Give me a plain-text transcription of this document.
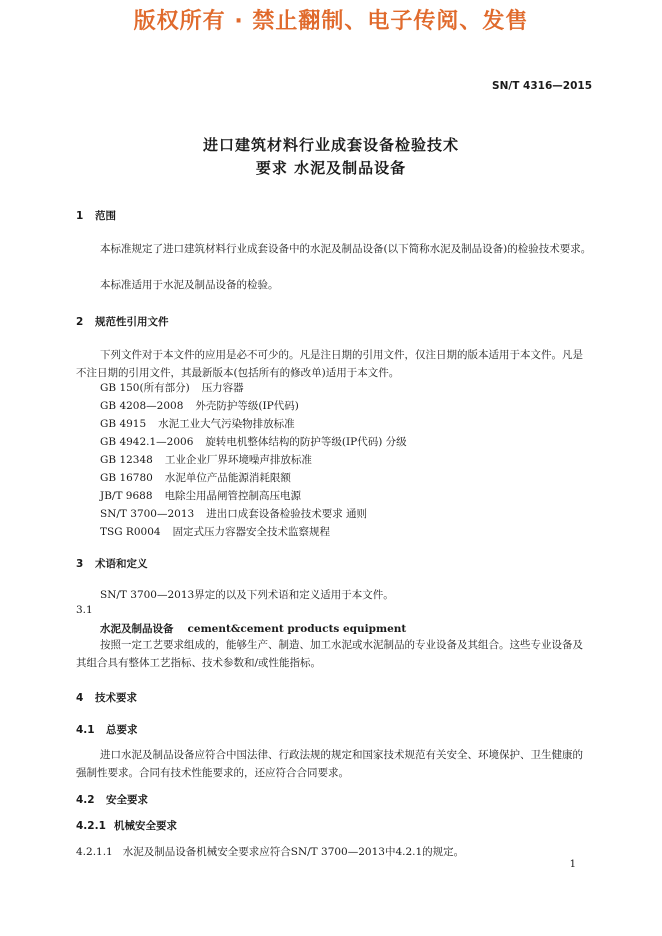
版权所有 · 禁止翻制、电子传阅、发售
SN/T 4316—2015
进口建筑材料行业成套设备检验技术
要求 水泥及制品设备
1 范围
本标准规定了进口建筑材料行业成套设备中的水泥及制品设备(以下简称水泥及制品设备)的检验技术要求。
本标准适用于水泥及制品设备的检验。
2 规范性引用文件
下列文件对于本文件的应用是必不可少的。凡是注日期的引用文件，仅注日期的版本适用于本文件。凡是不注日期的引用文件，其最新版本(包括所有的修改单)适用于本文件。
GB 150(所有部分) 压力容器
GB 4208—2008 外壳防护等级(IP代码)
GB 4915 水泥工业大气污染物排放标准
GB 4942.1—2006 旋转电机整体结构的防护等级(IP代码) 分级
GB 12348 工业企业厂界环境噪声排放标准
GB 16780 水泥单位产品能源消耗限额
JB/T 9688 电除尘用晶闸管控制高压电源
SN/T 3700—2013 进出口成套设备检验技术要求 通则
TSG R0004 固定式压力容器安全技术监察规程
3 术语和定义
SN/T 3700—2013界定的以及下列术语和定义适用于本文件。
3.1
水泥及制品设备 cement&cement products equipment
按照一定工艺要求组成的，能够生产、制造、加工水泥或水泥制品的专业设备及其组合。这些专业设备及其组合具有整体工艺指标、技术参数和/或性能指标。
4 技术要求
4.1 总要求
进口水泥及制品设备应符合中国法律、行政法规的规定和国家技术规范有关安全、环境保护、卫生健康的强制性要求。合同有技术性能要求的，还应符合合同要求。
4.2 安全要求
4.2.1 机械安全要求
4.2.1.1 水泥及制品设备机械安全要求应符合SN/T 3700—2013中4.2.1的规定。
1
